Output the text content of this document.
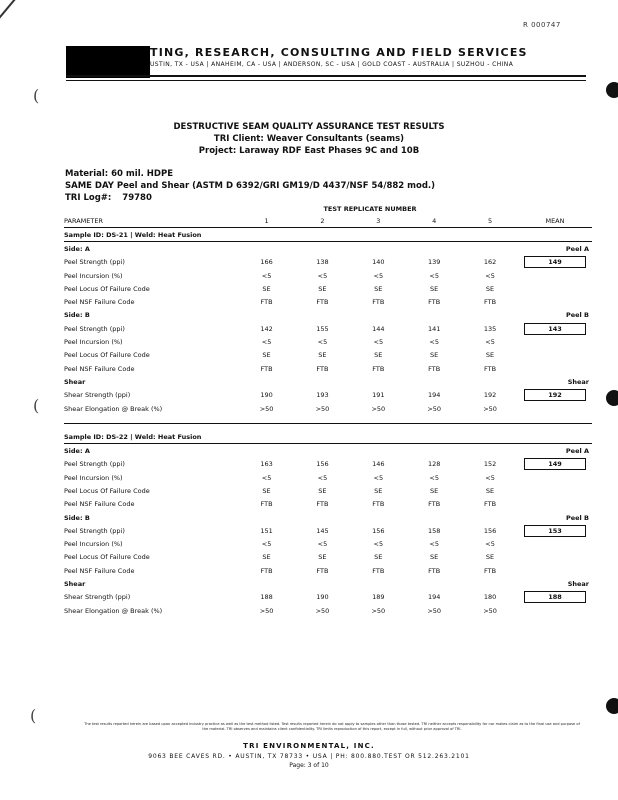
R 000747
TING, RESEARCH, CONSULTING AND FIELD SERVICES
USTIN, TX - USA | ANAHEIM, CA - USA | ANDERSON, SC - USA | GOLD COAST - AUSTRALIA | SUZHOU - CHINA
(
(
(
DESTRUCTIVE SEAM QUALITY ASSURANCE TEST RESULTS
TRI Client: Weaver Consultants (seams)
Project: Laraway RDF East Phases 9C and 10B
Material: 60 mil. HDPE
SAME DAY Peel and Shear (ASTM D 6392/GRI GM19/D 4437/NSF 54/882 mod.)
TRI Log#: 79780
TEST REPLICATE NUMBER
PARAMETER	1	2	3	4	5	MEAN
Sample ID: DS-21 | Weld: Heat Fusion						
Side: A						Peel A
Peel Strength (ppi)	166	138	140	139	162	149
Peel Incursion (%)	<5	<5	<5	<5	<5	
Peel Locus Of Failure Code	SE	SE	SE	SE	SE	
Peel NSF Failure Code	FTB	FTB	FTB	FTB	FTB	
Side: B						Peel B
Peel Strength (ppi)	142	155	144	141	135	143
Peel Incursion (%)	<5	<5	<5	<5	<5	
Peel Locus Of Failure Code	SE	SE	SE	SE	SE	
Peel NSF Failure Code	FTB	FTB	FTB	FTB	FTB	
Shear						Shear
Shear Strength (ppi)	190	193	191	194	192	192
Shear Elongation @ Break (%)	>50	>50	>50	>50	>50	

Sample ID: DS-22 | Weld: Heat Fusion						
Side: A						Peel A
Peel Strength (ppi)	163	156	146	128	152	149
Peel Incursion (%)	<5	<5	<5	<5	<5	
Peel Locus Of Failure Code	SE	SE	SE	SE	SE	
Peel NSF Failure Code	FTB	FTB	FTB	FTB	FTB	
Side: B						Peel B
Peel Strength (ppi)	151	145	156	158	156	153
Peel Incursion (%)	<5	<5	<5	<5	<5	
Peel Locus Of Failure Code	SE	SE	SE	SE	SE	
Peel NSF Failure Code	FTB	FTB	FTB	FTB	FTB	
Shear						Shear
Shear Strength (ppi)	188	190	189	194	180	188
Shear Elongation @ Break (%)	>50	>50	>50	>50	>50	
The test results reported herein are based upon accepted industry practice as well as the test method listed. Test results reported herein do not apply to samples other than those tested. TRI neither accepts responsibility for nor makes claim as to the final use and purpose of the material. TRI observes and maintains client confidentiality. TRI limits reproduction of this report, except in full, without prior approval of TRI.
TRI ENVIRONMENTAL, INC.
9063 BEE CAVES RD. • AUSTIN, TX 78733 • USA | PH: 800.880.TEST OR 512.263.2101
Page: 3 of 10
